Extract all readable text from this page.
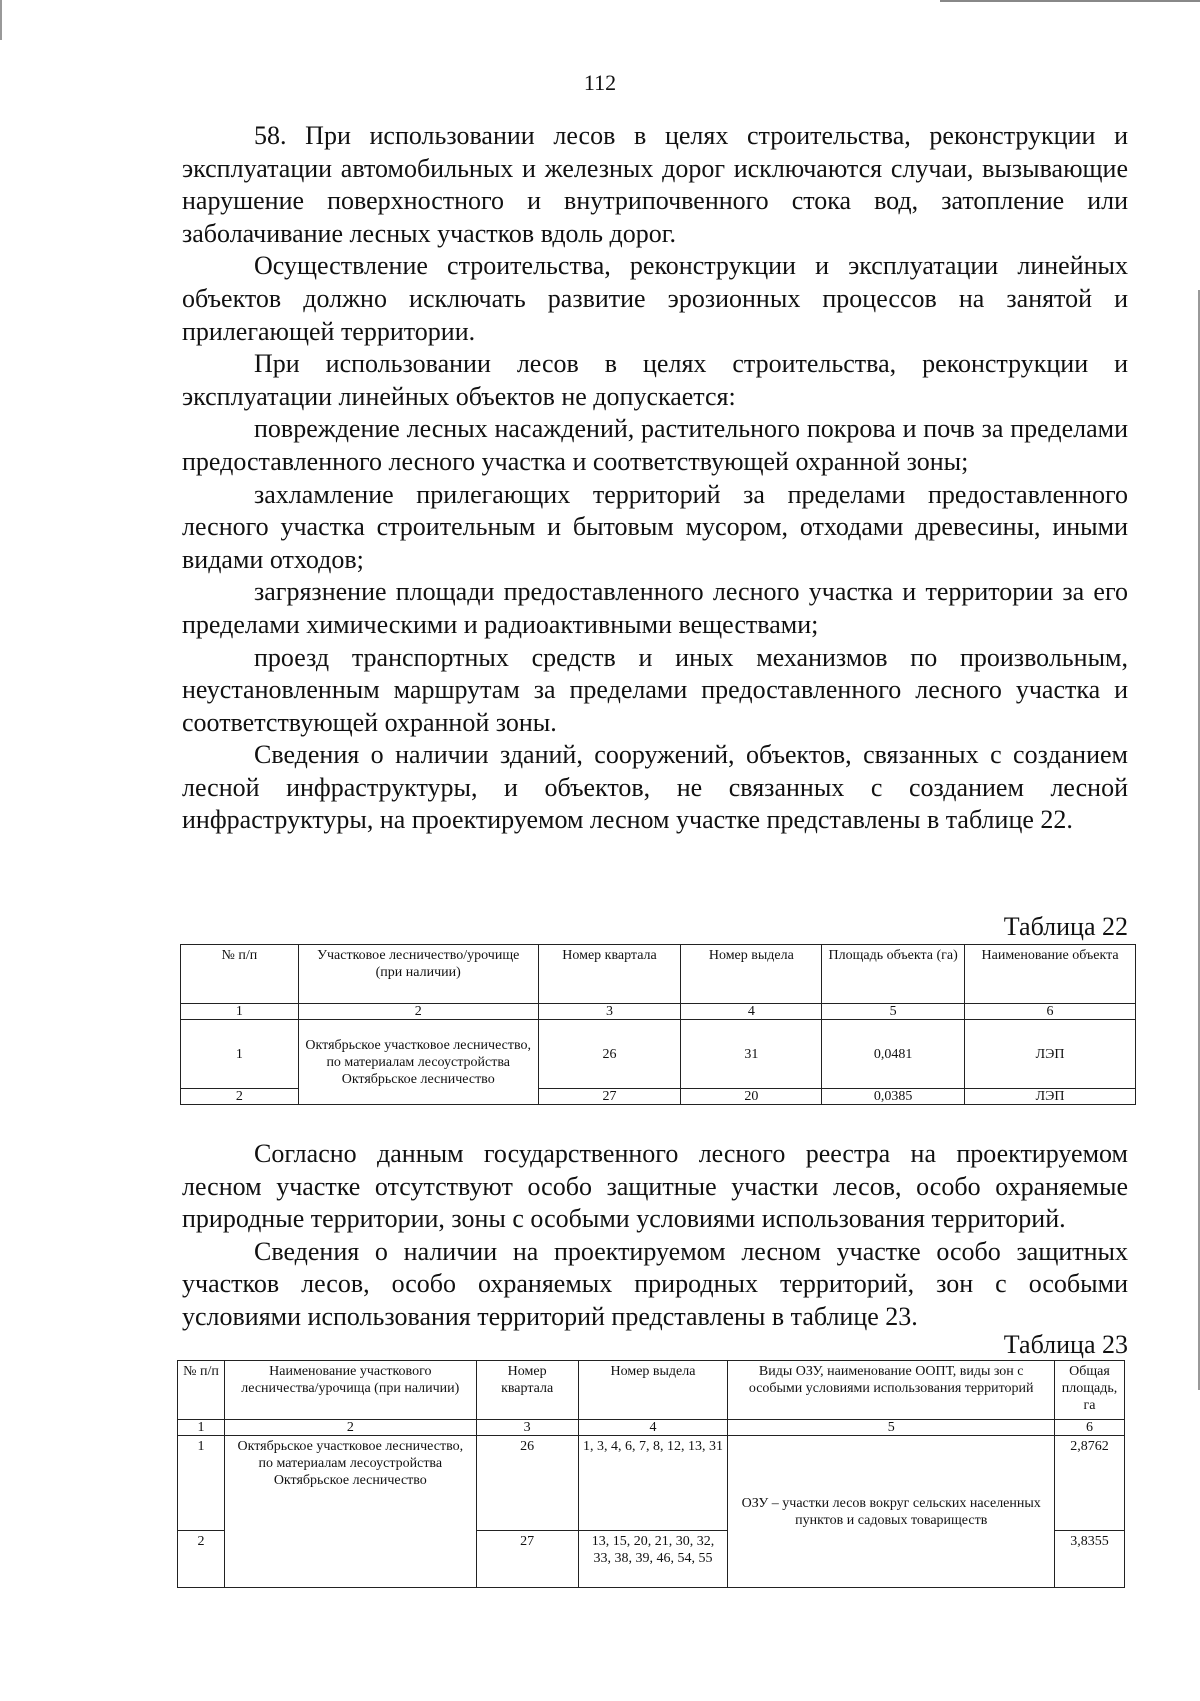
112

58. При использовании лесов в целях строительства, реконструкции и эксплуатации автомобильных и железных дорог исключаются случаи, вызывающие нарушение поверхностного и внутрипочвенного стока вод, затопление или заболачивание лесных участков вдоль дорог.

Осуществление строительства, реконструкции и эксплуатации линейных объектов должно исключать развитие эрозионных процессов на занятой и прилегающей территории.

При использовании лесов в целях строительства, реконструкции и эксплуатации линейных объектов не допускается:

повреждение лесных насаждений, растительного покрова и почв за пределами предоставленного лесного участка и соответствующей охранной зоны;

захламление прилегающих территорий за пределами предоставленного лесного участка строительным и бытовым мусором, отходами древесины, иными видами отходов;

загрязнение площади предоставленного лесного участка и территории за его пределами химическими и радиоактивными веществами;

проезд транспортных средств и иных механизмов по произвольным, неустановленным маршрутам за пределами предоставленного лесного участка и соответствующей охранной зоны.

Сведения о наличии зданий, сооружений, объектов, связанных с созданием лесной инфраструктуры, и объектов, не связанных с созданием лесной инфраструктуры, на проектируемом лесном участке представлены в таблице 22.

Таблица 22
№ п/п	Участковое лесничество/урочище (при наличии)	Номер квартала	Номер выдела	Площадь объекта (га)	Наименование объекта
1	2	3	4	5	6
1	Октябрьское участковое лесничество, по материалам лесоустройства Октябрьское лесничество	26	31	0,0481	ЛЭП
2		27	20	0,0385	ЛЭП

Согласно данным государственного лесного реестра на проектируемом лесном участке отсутствуют особо защитные участки лесов, особо охраняемые природные территории, зоны с особыми условиями использования территорий.

Сведения о наличии на проектируемом лесном участке особо защитных участков лесов, особо охраняемых природных территорий, зон с особыми условиями использования территорий представлены в таблице 23.

Таблица 23
№ п/п	Наименование участкового лесничества/урочища (при наличии)	Номер квартала	Номер выдела	Виды ОЗУ, наименование ООПТ, виды зон с особыми условиями использования территорий	Общая площадь, га
1	2	3	4	5	6
1	Октябрьское участковое лесничество, по материалам лесоустройства Октябрьское лесничество	26	1, 3, 4, 6, 7, 8, 12, 13, 31	ОЗУ – участки лесов вокруг сельских населенных пунктов и садовых товариществ	2,8762
2		27	13, 15, 20, 21, 30, 32, 33, 38, 39, 46, 54, 55		3,8355
